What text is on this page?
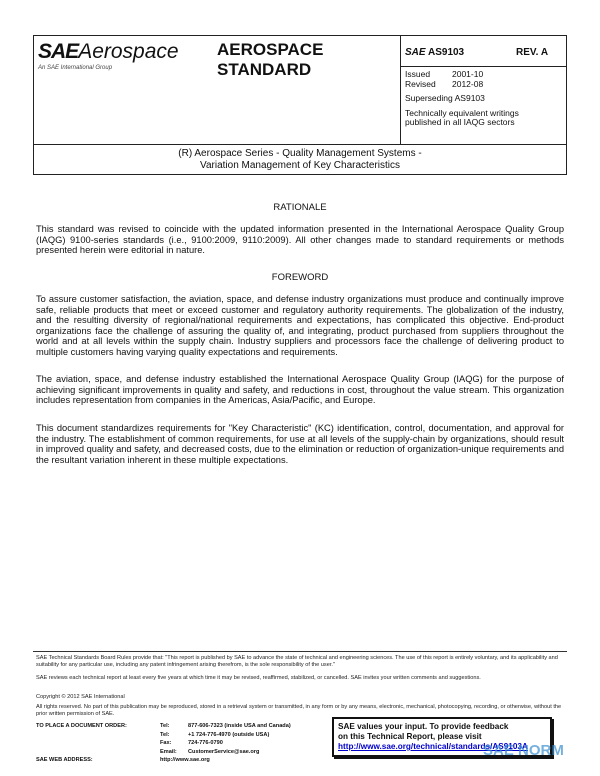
SAEAerospace
An SAE International Group
AEROSPACE
STANDARD
SAE AS9103	REV. A
Issued	2001-10
Revised 2012-08
Superseding AS9103
Technically equivalent writings published in all IAQG sectors
(R) Aerospace Series - Quality Management Systems -
Variation Management of Key Characteristics
RATIONALE
This standard was revised to coincide with the updated information presented in the International Aerospace Quality Group (IAQG) 9100-series standards (i.e., 9100:2009, 9110:2009). All other changes made to standard requirements or methods presented herein were editorial in nature.
FOREWORD
To assure customer satisfaction, the aviation, space, and defense industry organizations must produce and continually improve safe, reliable products that meet or exceed customer and regulatory authority requirements. The globalization of the industry, and the resulting diversity of regional/national requirements and expectations, has complicated this objective. End-product organizations face the challenge of assuring the quality of, and integrating, product purchased from suppliers throughout the world and at all levels within the supply chain. Industry suppliers and processors face the challenge of delivering product to multiple customers having varying quality expectations and requirements.
The aviation, space, and defense industry established the International Aerospace Quality Group (IAQG) for the purpose of achieving significant improvements in quality and safety, and reductions in cost, throughout the value stream. This organization includes representation from companies in the Americas, Asia/Pacific, and Europe.
This document standardizes requirements for "Key Characteristic" (KC) identification, control, documentation, and approval for the industry. The establishment of common requirements, for use at all levels of the supply-chain by organizations, should result in improved quality and safety, and decreased costs, due to the elimination or reduction of organization-unique requirements and the resultant variation inherent in these multiple expectations.
SAE Technical Standards Board Rules provide that: "This report is published by SAE to advance the state of technical and engineering sciences. The use of this report is entirely voluntary, and its applicability and suitability for any particular use, including any patent infringement arising therefrom, is the sole responsibility of the user."
SAE reviews each technical report at least every five years at which time it may be revised, reaffirmed, stabilized, or cancelled. SAE invites your written comments and suggestions.
Copyright © 2012 SAE International
All rights reserved. No part of this publication may be reproduced, stored in a retrieval system or transmitted, in any form or by any means, electronic, mechanical, photocopying, recording, or otherwise, without the prior written permission of SAE.
TO PLACE A DOCUMENT ORDER:
SAE WEB ADDRESS:
Tel:	877-606-7323 (inside USA and Canada)
Tel:	+1 724-776-4970 (outside USA)
Fax:	724-776-0790
Email: CustomerService@sae.org
http://www.sae.org
SAE values your input. To provide feedback
on this Technical Report, please visit
http://www.sae.org/technical/standards/AS9103A
SAE NORM
